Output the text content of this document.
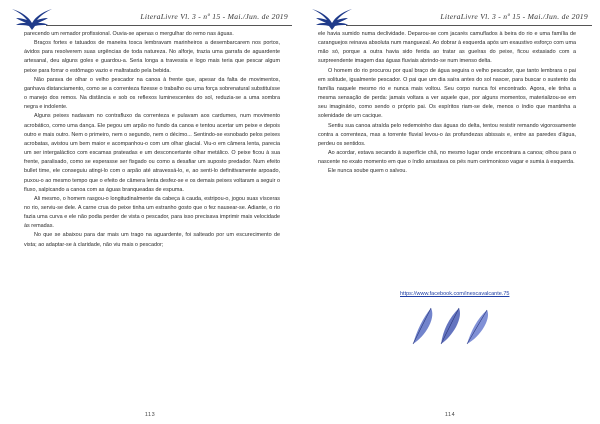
LiteraLivre Vl. 3 - nº 15 - Mai./Jun. de 2019

parecendo um remador profissional. Ouvia-se apenas o mergulhar do remo nas águas.

Braços fortes e tatuados de maneira tosca lembravam marinheiros a desembarcarem nos portos, ávidos para resolverem suas urgências de toda natureza. No alforje, trazia uma garrafa de aguardente artesanal, deu alguns goles e guardou-a. Seria longa a travessia e logo mais teria que pescar algum peixe para forrar o estômago vazio e maltratado pela bebida.

Não parava de olhar o velho pescador na canoa à frente que, apesar da falta de movimentos, ganhava distanciamento, como se a correnteza fizesse o trabalho ou uma força sobrenatural substituísse o manejo dos remos. Na distância e sob os reflexos luminescentes do sol, reduzia-se a uma sombra negra e indolente.

Alguns peixes nadavam no contrafluxo da correnteza e pulavam aos cardumes, num movimento acrobático, como uma dança. Ele pegou um arpão no fundo da canoa e tentou acertar um peixe e depois outro e mais outro. Nem o primeiro, nem o segundo, nem o décimo... Sentindo-se esnobado pelos peixes acrobatas, avistou um bem maior e acompanhou-o com um olhar glacial. Viu-o em câmera lenta, parecia um ser intergaláctico com escamas prateadas e um desconcertante olhar metálico. O peixe ficou à sua frente, paralisado, como se esperasse ser fisgado ou como a desafiar um suposto predador. Num efeito bullet time, ele conseguiu atingi-lo com o arpão até atravessá-lo, e, ao senti-lo definitivamente arpoado, puxou-o ao mesmo tempo que o efeito de câmera lenta desfez-se e os demais peixes voltaram a seguir o fluxo, salpicando a canoa com as águas branqueadas de espuma.

Ali mesmo, o homem rasgou-o longitudinalmente da cabeça à cauda, estripou-o, jogou suas vísceras no rio, serviu-se dele. A carne crua do peixe tinha um estranho gosto que o fez nausear-se. Adiante, o rio fazia uma curva e ele não podia perder de vista o pescador, para isso precisava imprimir mais velocidade às remadas.

No que se abaixou para dar mais um trago na aguardente, foi salteado por um escurecimento de vista; ao adaptar-se à claridade, não viu mais o pescador;

113
LiteraLivre Vl. 3 - nº 15 - Mai./Jun. de 2019

ele havia sumido numa declividade. Deparou-se com jacarés camuflados à beira do rio e uma família de caranguejos reinava absoluta num manguezal. Ao dobrar à esquerda após um exaustivo esforço com uma mão só, porque a outra havia sido ferida ao tratar as guelras do peixe, ficou extasiado com a surpreendente imagem das águas fluviais abrindo-se num imenso delta.

O homem do rio procurou por qual braço de água seguira o velho pescador, que tanto lembrara o pai em solitude, igualmente pescador. O pai que um dia saíra antes do sol nascer, para buscar o sustento da família naquele mesmo rio e nunca mais voltou. Seu corpo nunca foi encontrado. Agora, ele tinha a mesma sensação de perda: jamais voltara a ver aquele que, por alguns momentos, materializou-se em seu imaginário, como sendo o próprio pai. Os espíritos riam-se dele, menos o índio que mantinha a solenidade de um cacique.

Sentiu sua canoa atraída pelo redemoinho das águas do delta, tentou resistir remando vigorosamente contra a correnteza, mas a torrente fluvial levou-o às profundezas abissais e, entre as paredes d'água, perdeu os sentidos.

Ao acordar, estava secando à superfície chã, no mesmo lugar onde encontrara a canoa; olhou para o nascente no exato momento em que o índio arrastava os pés num cerimonioso vagar e sumia à esquerda.

Ele nunca soube quem o salvou.

https://www.facebook.com/inescavalcante.75
114
